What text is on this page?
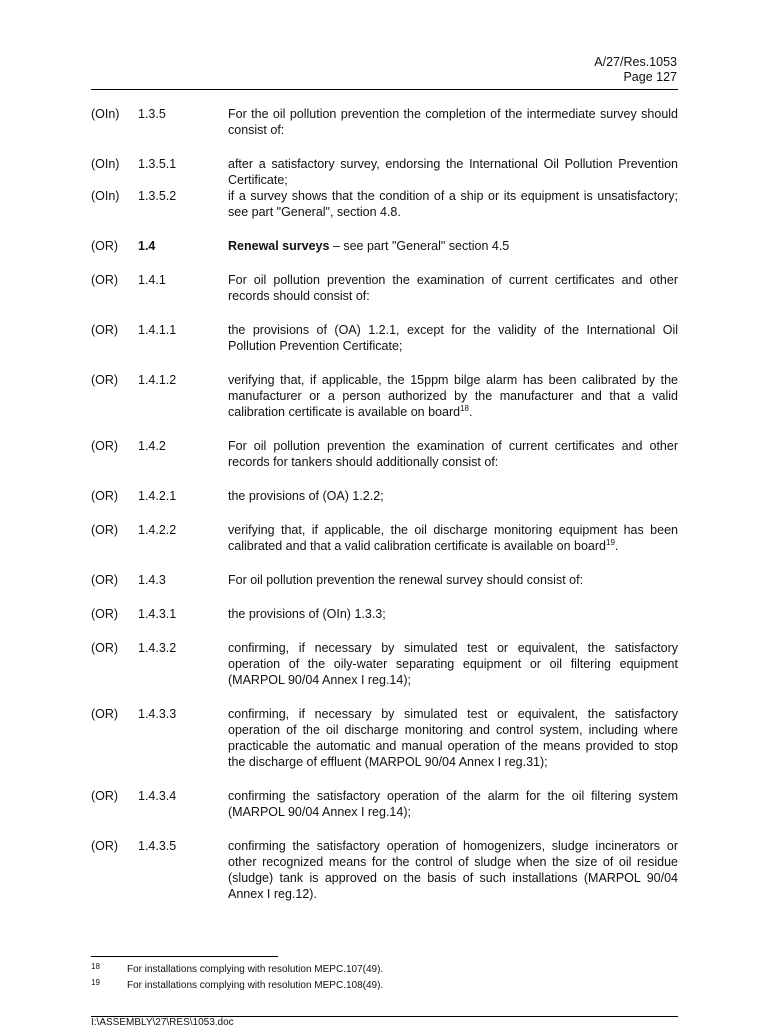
A/27/Res.1053
Page 127
(OIn)	1.3.5	For the oil pollution prevention the completion of the intermediate survey should consist of:
(OIn)	1.3.5.1	after a satisfactory survey, endorsing the International Oil Pollution Prevention Certificate;
(OIn)	1.3.5.2	if a survey shows that the condition of a ship or its equipment is unsatisfactory; see part "General", section 4.8.
(OR)	1.4	Renewal surveys – see part "General" section 4.5
(OR)	1.4.1	For oil pollution prevention the examination of current certificates and other records should consist of:
(OR)	1.4.1.1	the provisions of (OA) 1.2.1, except for the validity of the International Oil Pollution Prevention Certificate;
(OR)	1.4.1.2	verifying that, if applicable, the 15ppm bilge alarm has been calibrated by the manufacturer or a person authorized by the manufacturer and that a valid calibration certificate is available on board$^{18}$.
(OR)	1.4.2	For oil pollution prevention the examination of current certificates and other records for tankers should additionally consist of:
(OR)	1.4.2.1	the provisions of (OA) 1.2.2;
(OR)	1.4.2.2	verifying that, if applicable, the oil discharge monitoring equipment has been calibrated and that a valid calibration certificate is available on board$^{19}$.
(OR)	1.4.3	For oil pollution prevention the renewal survey should consist of:
(OR)	1.4.3.1	the provisions of (OIn) 1.3.3;
(OR)	1.4.3.2	confirming, if necessary by simulated test or equivalent, the satisfactory operation of the oily-water separating equipment or oil filtering equipment (MARPOL 90/04 Annex I reg.14);
(OR)	1.4.3.3	confirming, if necessary by simulated test or equivalent, the satisfactory operation of the oil discharge monitoring and control system, including where practicable the automatic and manual operation of the means provided to stop the discharge of effluent (MARPOL 90/04 Annex I reg.31);
(OR)	1.4.3.4	confirming the satisfactory operation of the alarm for the oil filtering system (MARPOL 90/04 Annex I reg.14);
(OR)	1.4.3.5	confirming the satisfactory operation of homogenizers, sludge incinerators or other recognized means for the control of sludge when the size of oil residue (sludge) tank is approved on the basis of such installations (MARPOL 90/04 Annex I reg.12).
18	For installations complying with resolution MEPC.107(49).
19	For installations complying with resolution MEPC.108(49).
I:\ASSEMBLY\27\RES\1053.doc
